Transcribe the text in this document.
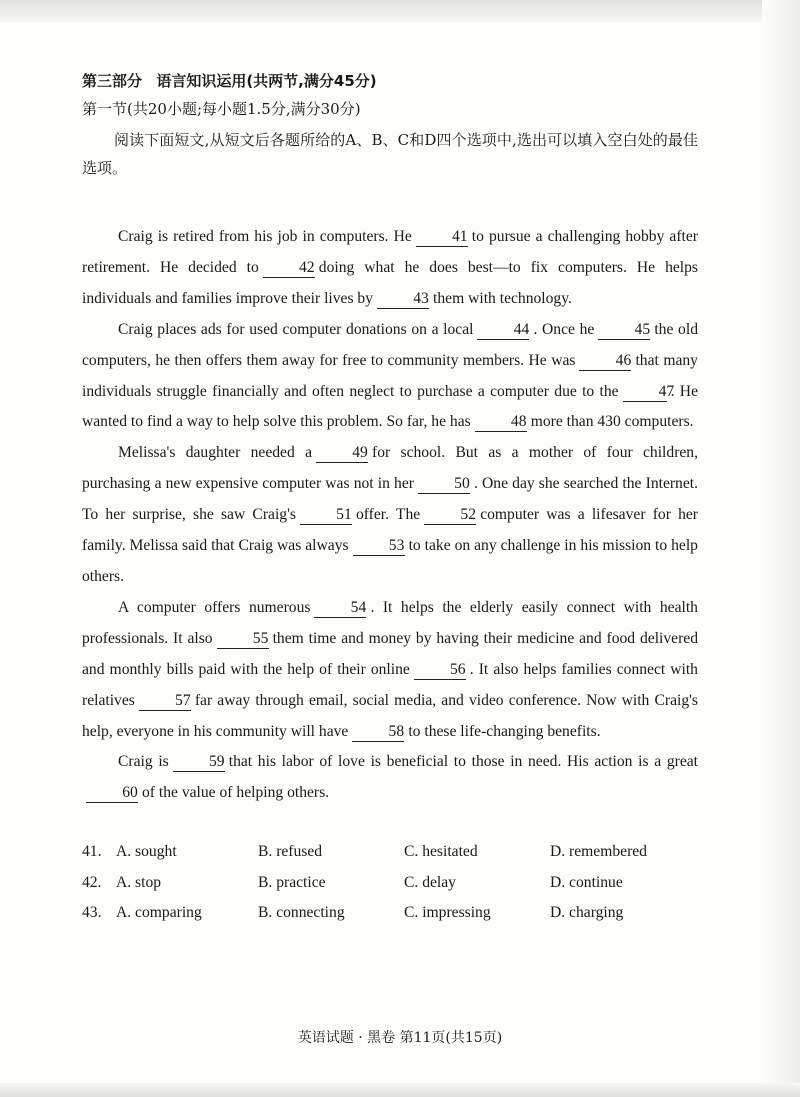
第三部分 语言知识运用(共两节,满分45分)
第一节(共20小题;每小题1.5分,满分30分)

阅读下面短文,从短文后各题所给的A、B、C和D四个选项中,选出可以填入空白处的最佳选项。

Craig is retired from his job in computers. He	41 to pursue a challenging hobby after retirement. He decided to	42 doing what he does best—to fix computers. He helps individuals and families improve their lives by	43 them with technology.

Craig places ads for used computer donations on a local	44 . Once he	45 the old computers, he then offers them away for free to community members. He was	46 that many individuals struggle financially and often neglect to purchase a computer due to the	47. He wanted to find a way to help solve this problem. So far, he has	48 more than 430 computers.

Melissa's daughter needed a	49 for school. But as a mother of four children, purchasing a new expensive computer was not in her	50 . One day she searched the Internet. To her surprise, she saw Craig's	51 offer. The	52 computer was a lifesaver for her family. Melissa said that Craig was always	53 to take on any challenge in his mission to help others.

A computer offers numerous	54 . It helps the elderly easily connect with health professionals. It also	55 them time and money by having their medicine and food delivered and monthly bills paid with the help of their online	56 . It also helps families connect with relatives	57 far away through email, social media, and video conference. Now with Craig's help, everyone in his community will have	58 to these life-changing benefits.

Craig is	59 that his labor of love is beneficial to those in need. His action is a great60 of the value of helping others.

41. A. sought	B. refused	C. hesitated	D. remembered
42. A. stop	B. practice	C. delay	D. continue
43. A. comparing	B. connecting	C. impressing	D. charging
英语试题 · 黑卷 第11页(共15页)
